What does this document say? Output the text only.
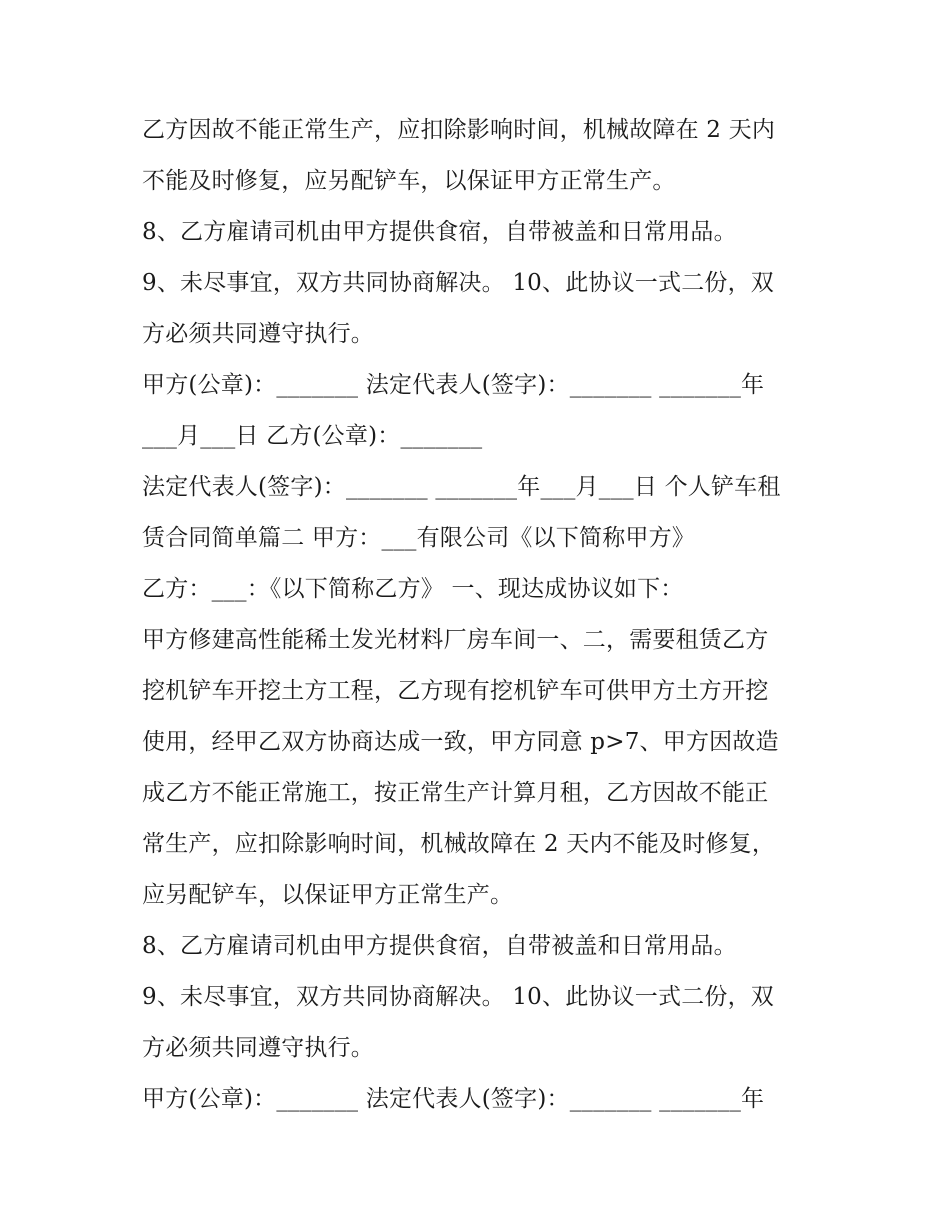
乙方因故不能正常生产，应扣除影响时间，机械故障在 2 天内
不能及时修复，应另配铲车，以保证甲方正常生产。
8、乙方雇请司机由甲方提供食宿，自带被盖和日常用品。
9、未尽事宜，双方共同协商解决。 10、此协议一式二份，双
方必须共同遵守执行。
甲方(公章)：_______ 法定代表人(签字)：_______ _______年
___月___日 乙方(公章)：_______
法定代表人(签字)：_______ _______年___月___日 个人铲车租
赁合同简单篇二 甲方：___有限公司《以下简称甲方》
乙方：___：《以下简称乙方》 一、现达成协议如下：
甲方修建高性能稀土发光材料厂房车间一、二，需要租赁乙方
挖机铲车开挖土方工程，乙方现有挖机铲车可供甲方土方开挖
使用，经甲乙双方协商达成一致，甲方同意 p>7、甲方因故造
成乙方不能正常施工，按正常生产计算月租，乙方因故不能正
常生产，应扣除影响时间，机械故障在 2 天内不能及时修复，
应另配铲车，以保证甲方正常生产。
8、乙方雇请司机由甲方提供食宿，自带被盖和日常用品。
9、未尽事宜，双方共同协商解决。 10、此协议一式二份，双
方必须共同遵守执行。
甲方(公章)：_______ 法定代表人(签字)：_______ _______年
